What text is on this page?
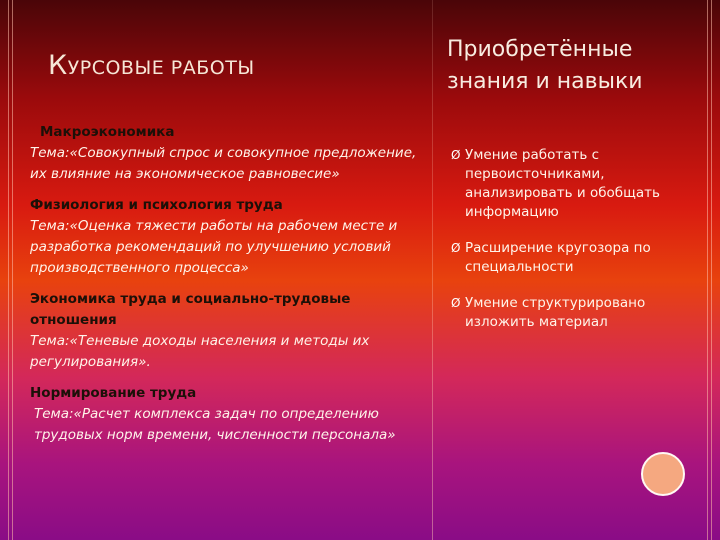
КУРСОВЫЕ РАБОТЫ
Макроэкономика
Тема:«Совокупный спрос и совокупное предложение, их влияние на экономическое равновесие»
Физиология и психология труда
Тема:«Оценка тяжести работы на рабочем месте и разработка рекомендаций по улучшению условий производственного процесса»
Экономика труда и социально-трудовые отношения
Тема:«Теневые доходы населения и методы их регулирования».
Нормирование труда
Тема:«Расчет комплекса задач по определению трудовых норм времени, численности персонала»
Приобретённые знания и навыки
Ø Умение работать с первоисточниками, анализировать и обобщать информацию
Ø Расширение кругозора по специальности
Ø Умение структурировано изложить материал
